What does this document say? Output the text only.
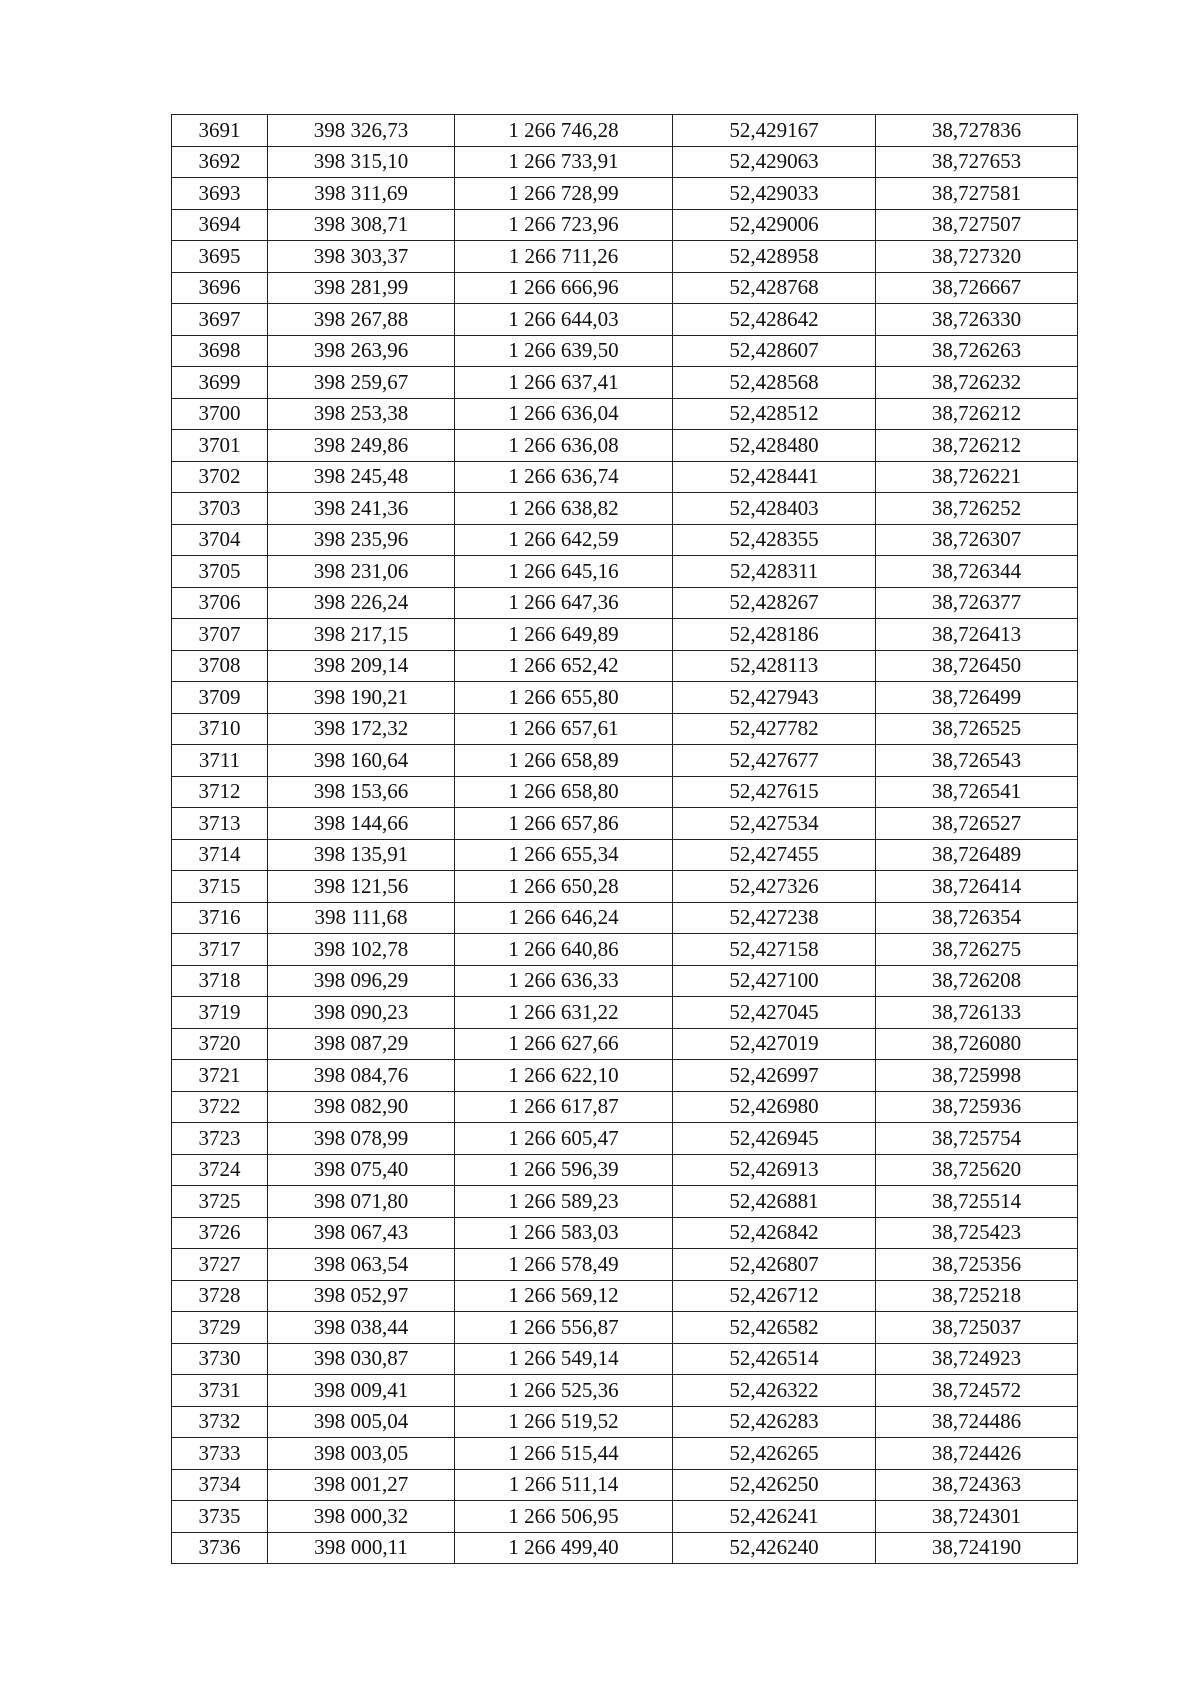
3691	398 326,73	1 266 746,28	52,429167	38,727836
3692	398 315,10	1 266 733,91	52,429063	38,727653
3693	398 311,69	1 266 728,99	52,429033	38,727581
3694	398 308,71	1 266 723,96	52,429006	38,727507
3695	398 303,37	1 266 711,26	52,428958	38,727320
3696	398 281,99	1 266 666,96	52,428768	38,726667
3697	398 267,88	1 266 644,03	52,428642	38,726330
3698	398 263,96	1 266 639,50	52,428607	38,726263
3699	398 259,67	1 266 637,41	52,428568	38,726232
3700	398 253,38	1 266 636,04	52,428512	38,726212
3701	398 249,86	1 266 636,08	52,428480	38,726212
3702	398 245,48	1 266 636,74	52,428441	38,726221
3703	398 241,36	1 266 638,82	52,428403	38,726252
3704	398 235,96	1 266 642,59	52,428355	38,726307
3705	398 231,06	1 266 645,16	52,428311	38,726344
3706	398 226,24	1 266 647,36	52,428267	38,726377
3707	398 217,15	1 266 649,89	52,428186	38,726413
3708	398 209,14	1 266 652,42	52,428113	38,726450
3709	398 190,21	1 266 655,80	52,427943	38,726499
3710	398 172,32	1 266 657,61	52,427782	38,726525
3711	398 160,64	1 266 658,89	52,427677	38,726543
3712	398 153,66	1 266 658,80	52,427615	38,726541
3713	398 144,66	1 266 657,86	52,427534	38,726527
3714	398 135,91	1 266 655,34	52,427455	38,726489
3715	398 121,56	1 266 650,28	52,427326	38,726414
3716	398 111,68	1 266 646,24	52,427238	38,726354
3717	398 102,78	1 266 640,86	52,427158	38,726275
3718	398 096,29	1 266 636,33	52,427100	38,726208
3719	398 090,23	1 266 631,22	52,427045	38,726133
3720	398 087,29	1 266 627,66	52,427019	38,726080
3721	398 084,76	1 266 622,10	52,426997	38,725998
3722	398 082,90	1 266 617,87	52,426980	38,725936
3723	398 078,99	1 266 605,47	52,426945	38,725754
3724	398 075,40	1 266 596,39	52,426913	38,725620
3725	398 071,80	1 266 589,23	52,426881	38,725514
3726	398 067,43	1 266 583,03	52,426842	38,725423
3727	398 063,54	1 266 578,49	52,426807	38,725356
3728	398 052,97	1 266 569,12	52,426712	38,725218
3729	398 038,44	1 266 556,87	52,426582	38,725037
3730	398 030,87	1 266 549,14	52,426514	38,724923
3731	398 009,41	1 266 525,36	52,426322	38,724572
3732	398 005,04	1 266 519,52	52,426283	38,724486
3733	398 003,05	1 266 515,44	52,426265	38,724426
3734	398 001,27	1 266 511,14	52,426250	38,724363
3735	398 000,32	1 266 506,95	52,426241	38,724301
3736	398 000,11	1 266 499,40	52,426240	38,724190
